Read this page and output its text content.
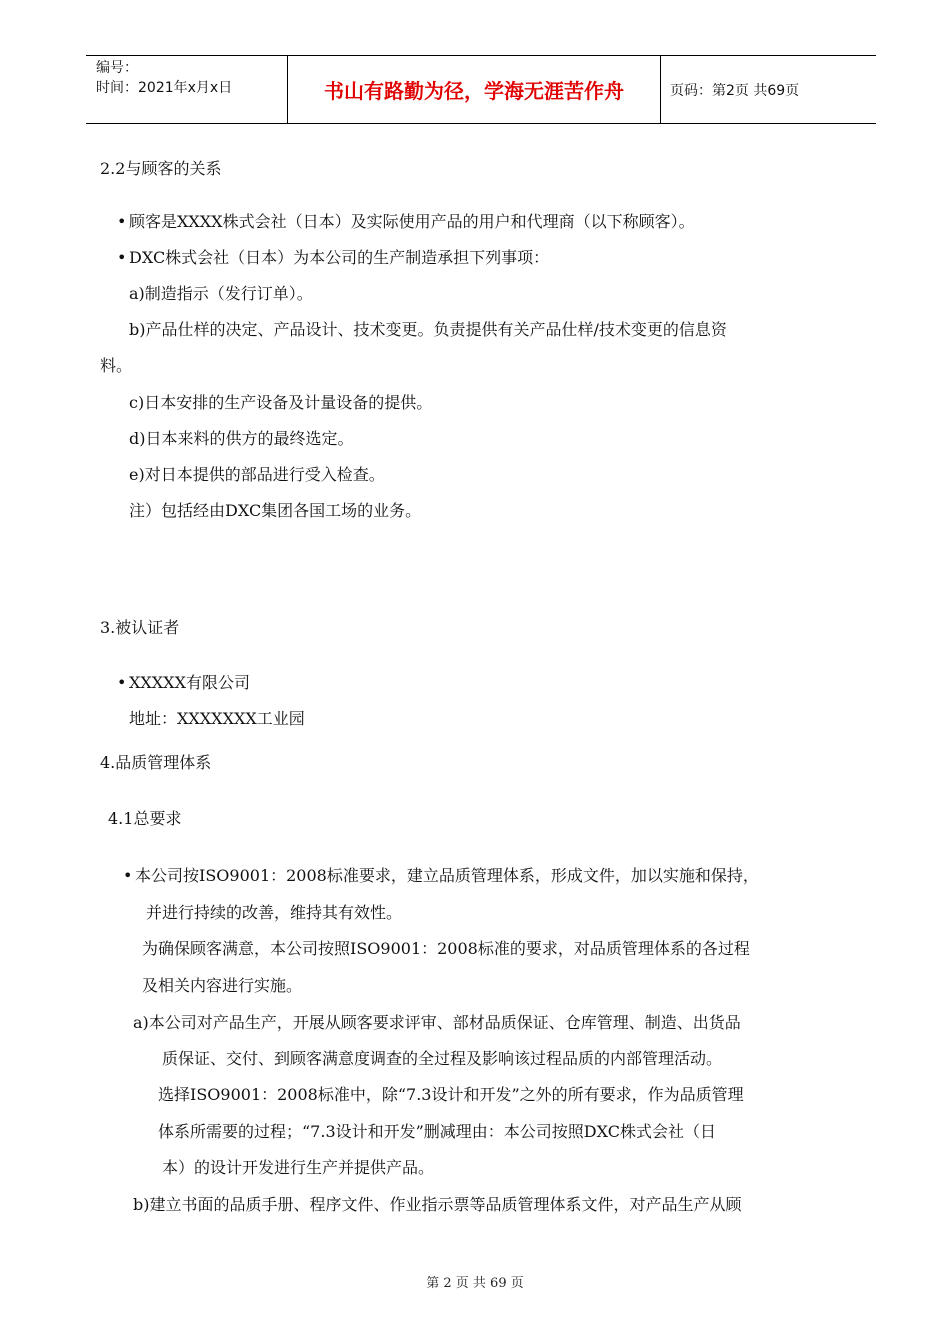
编号：
时间：2021年x月x日	书山有路勤为径，学海无涯苦作舟	页码：第2页 共69页
2.2与顾客的关系
• 顾客是XXXX株式会社（日本）及实际使用产品的用户和代理商（以下称顾客）。
• DXC株式会社（日本）为本公司的生产制造承担下列事项：
a)制造指示（发行订单）。
b)产品仕样的决定、产品设计、技术变更。负责提供有关产品仕样/技术变更的信息资
料。
c)日本安排的生产设备及计量设备的提供。
d)日本来料的供方的最终选定。
e)对日本提供的部品进行受入检查。
注）包括经由DXC集团各国工场的业务。
3.被认证者
• XXXXX有限公司
地址：XXXXXXX工业园
4.品质管理体系
4.1总要求
• 本公司按ISO9001：2008标准要求，建立品质管理体系，形成文件，加以实施和保持，
并进行持续的改善，维持其有效性。
为确保顾客满意，本公司按照ISO9001：2008标准的要求，对品质管理体系的各过程
及相关内容进行实施。
a)本公司对产品生产，开展从顾客要求评审、部材品质保证、仓库管理、制造、出货品
质保证、交付、到顾客满意度调查的全过程及影响该过程品质的内部管理活动。
选择ISO9001：2008标准中，除“7.3设计和开发”之外的所有要求，作为品质管理
体系所需要的过程；“7.3设计和开发”删减理由：本公司按照DXC株式会社（日
本）的设计开发进行生产并提供产品。
b)建立书面的品质手册、程序文件、作业指示票等品质管理体系文件，对产品生产从顾
第 2 页 共 69 页
